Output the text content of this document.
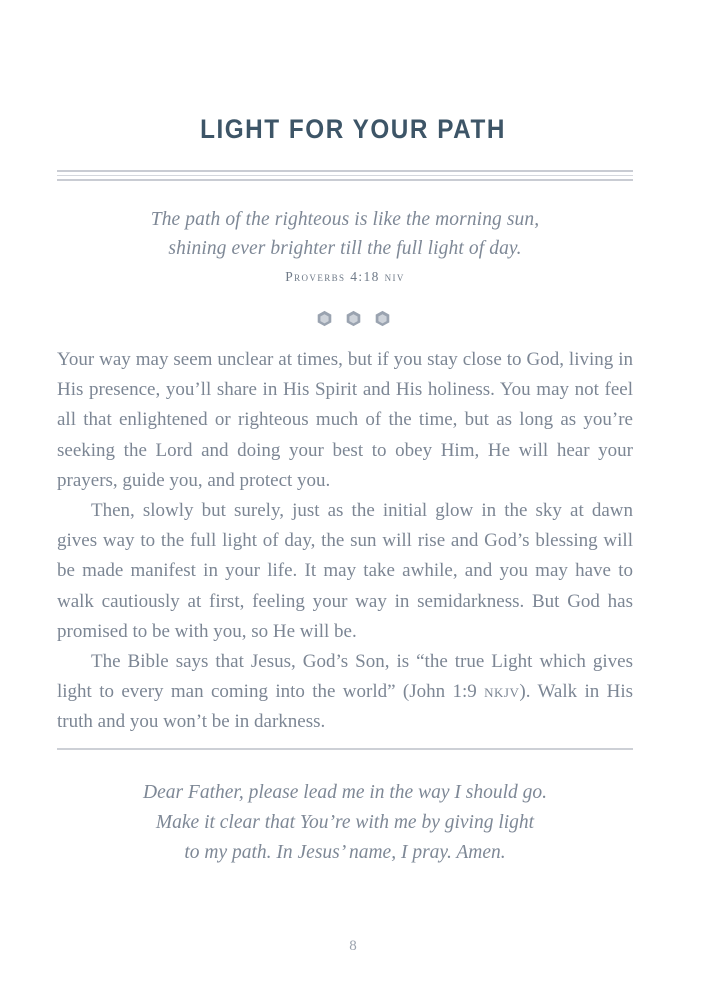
LIGHT FOR YOUR PATH
The path of the righteous is like the morning sun,
shining ever brighter till the full light of day.
Proverbs 4:18 niv

Your way may seem unclear at times, but if you stay close to God, living in His presence, you’ll share in His Spirit and His holiness. You may not feel all that enlightened or righteous much of the time, but as long as you’re seeking the Lord and doing your best to obey Him, He will hear your prayers, guide you, and protect you.

Then, slowly but surely, just as the initial glow in the sky at dawn gives way to the full light of day, the sun will rise and God’s blessing will be made manifest in your life. It may take awhile, and you may have to walk cautiously at first, feeling your way in semidarkness. But God has promised to be with you, so He will be.

The Bible says that Jesus, God’s Son, is “the true Light which gives light to every man coming into the world” (John 1:9 nkjv). Walk in His truth and you won’t be in darkness.

Dear Father, please lead me in the way I should go.
Make it clear that You’re with me by giving light
to my path. In Jesus’ name, I pray. Amen.
8
